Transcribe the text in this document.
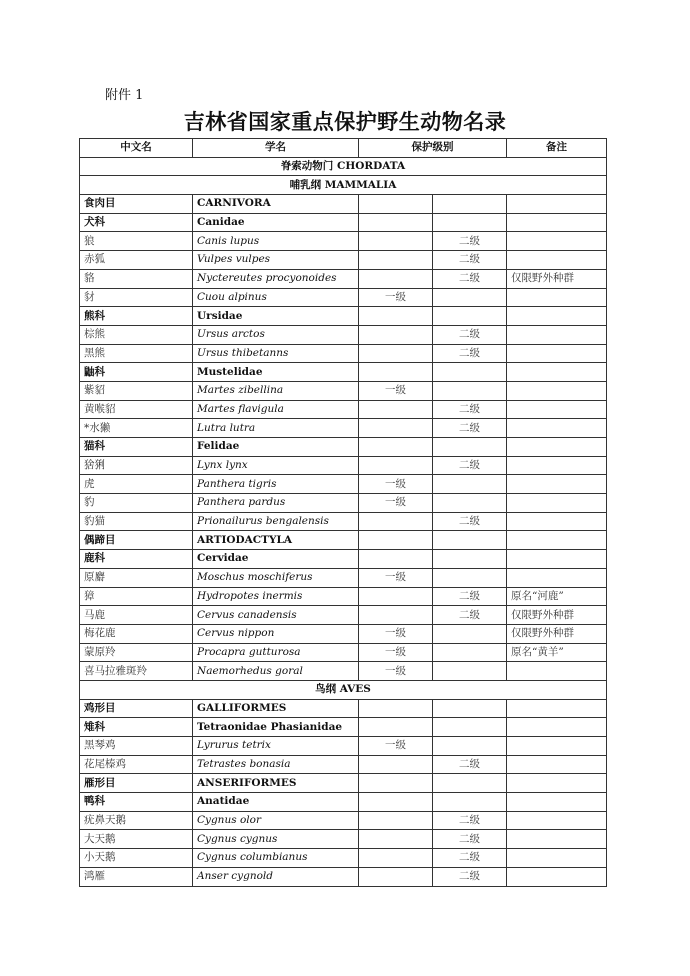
附件 1
吉林省国家重点保护野生动物名录
中文名	学名	保护级别		备注
脊索动物门 CHORDATA				
哺乳纲 MAMMALIA				
食肉目	CARNIVORA			
犬科	Canidae			
狼	Canis lupus		二级	
赤狐	Vulpes vulpes		二级	
貉	Nyctereutes procyonoides		二级	仅限野外种群
豺	Cuou alpinus	一级		
熊科	Ursidae			
棕熊	Ursus arctos		二级	
黑熊	Ursus thibetanns		二级	
鼬科	Mustelidae			
紫貂	Martes zibellina	一级		
黄喉貂	Martes flavigula		二级	
*水獭	Lutra lutra		二级	
猫科	Felidae			
猞猁	Lynx lynx		二级	
虎	Panthera tigris	一级		
豹	Panthera pardus	一级		
豹猫	Prionailurus bengalensis		二级	
偶蹄目	ARTIODACTYLA			
鹿科	Cervidae			
原麝	Moschus moschiferus	一级		
獐	Hydropotes inermis		二级	原名“河鹿”
马鹿	Cervus canadensis		二级	仅限野外种群
梅花鹿	Cervus nippon	一级		仅限野外种群
蒙原羚	Procapra gutturosa	一级		原名“黄羊”
喜马拉雅斑羚	Naemorhedus goral	一级		
鸟纲 AVES				
鸡形目	GALLIFORMES			
雉科	Tetraonidae Phasianidae			
黑琴鸡	Lyrurus tetrix	一级		
花尾榛鸡	Tetrastes bonasia		二级	
雁形目	ANSERIFORMES			
鸭科	Anatidae			
疣鼻天鹅	Cygnus olor		二级	
大天鹅	Cygnus cygnus		二级	
小天鹅	Cygnus columbianus		二级	
鸿雁	Anser cygnold		二级	
